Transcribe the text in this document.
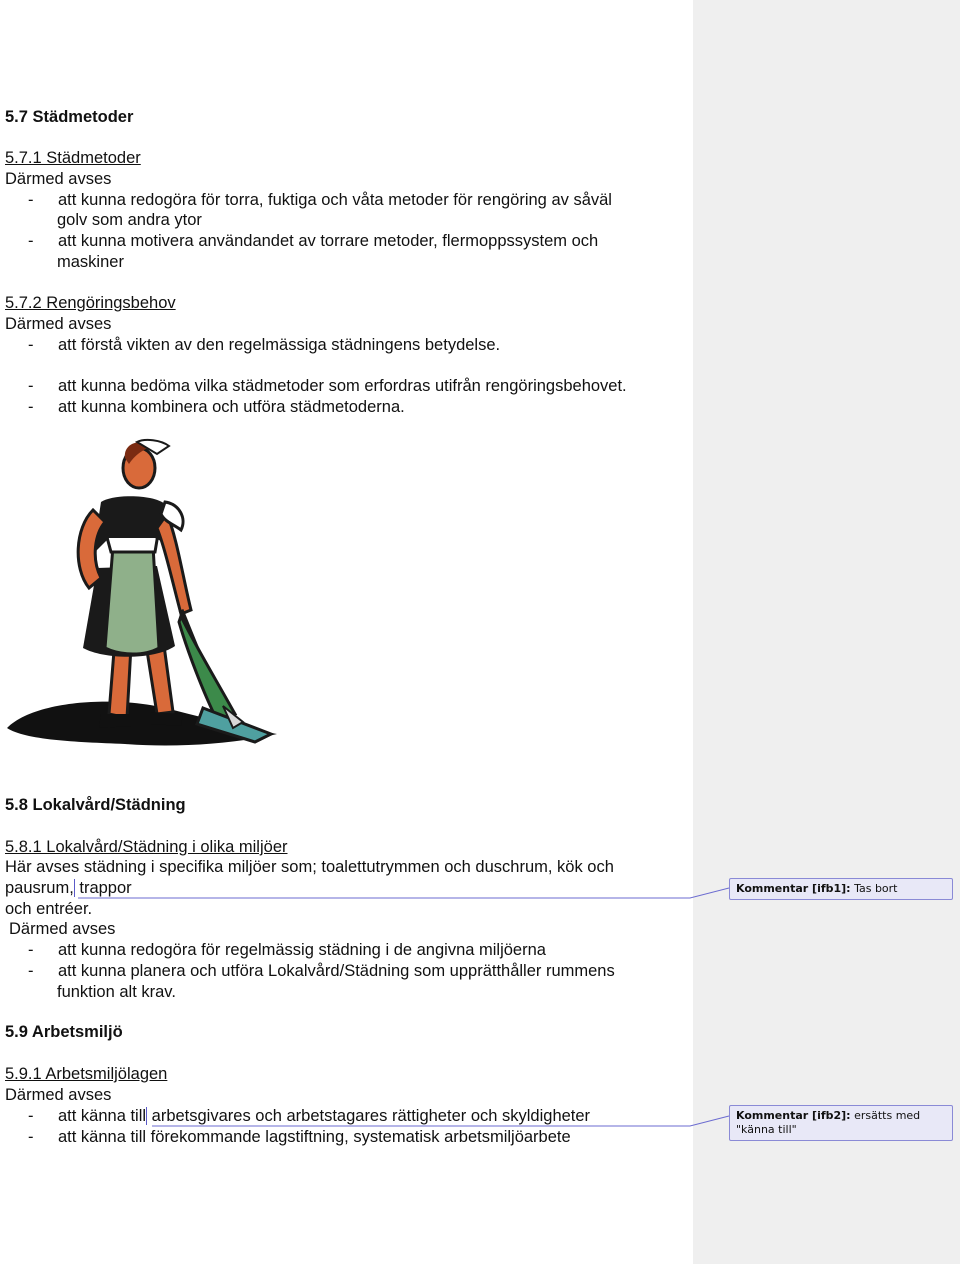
5.7 Städmetoder

5.7.1 Städmetoder

Därmed avses

- att kunna redogöra för torra, fuktiga och våta metoder för rengöring av såväl

golv som andra ytor

- att kunna motivera användandet av torrare metoder, flermoppssystem och

maskiner

5.7.2 Rengöringsbehov

Därmed avses

- att förstå vikten av den regelmässiga städningens betydelse.

- att kunna bedöma vilka städmetoder som erfordras utifrån rengöringsbehovet.

- att kunna kombinera och utföra städmetoderna.

5.8 Lokalvård/Städning

5.8.1 Lokalvård/Städning i olika miljöer

Här avses städning i specifika miljöer som; toalettutrymmen och duschrum, kök och

pausrum, trappor

och entréer.

Därmed avses

- att kunna redogöra för regelmässig städning i de angivna miljöerna

- att kunna planera och utföra Lokalvård/Städning som upprätthåller rummens

funktion alt krav.

5.9 Arbetsmiljö

5.9.1 Arbetsmiljölagen

Därmed avses

- att känna till arbetsgivares och arbetstagares rättigheter och skyldigheter

- att känna till förekommande lagstiftning, systematisk arbetsmiljöarbete

Kommentar [ifb1]: Tas bort
Kommentar [ifb2]: ersätts med "känna till"
